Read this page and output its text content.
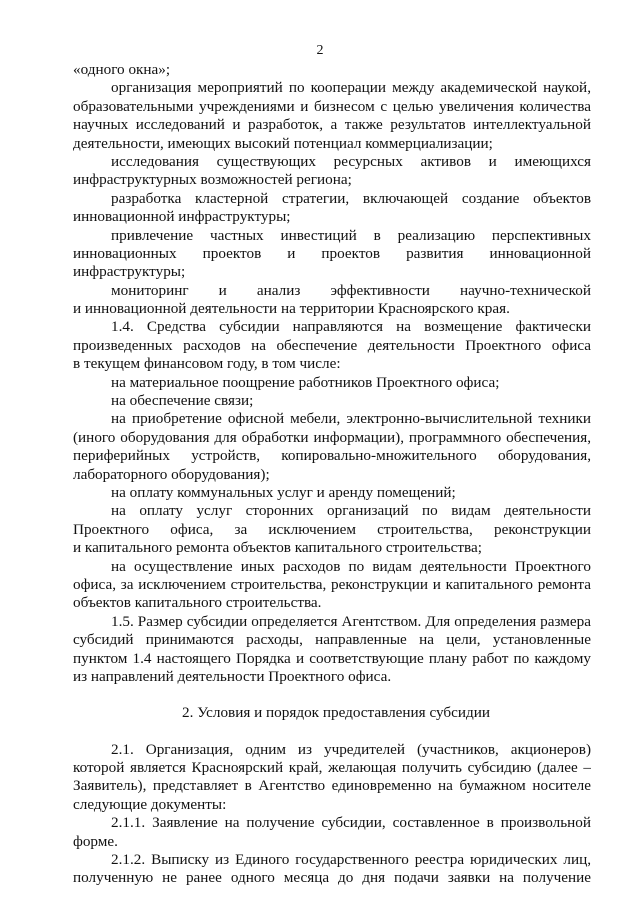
2
«одного окна»;
организация мероприятий по кооперации между академической наукой,
образовательными учреждениями и бизнесом с целью увеличения количества
научных исследований и разработок, а также результатов интеллектуальной
деятельности, имеющих высокий потенциал коммерциализации;
исследования существующих ресурсных активов и имеющихся
инфраструктурных возможностей региона;
разработка кластерной стратегии, включающей создание объектов
инновационной инфраструктуры;
привлечение частных инвестиций в реализацию перспективных
инновационных проектов и проектов развития инновационной
инфраструктуры;
мониторинг и анализ эффективности научно-технической
и инновационной деятельности на территории Красноярского края.
1.4. Средства субсидии направляются на возмещение фактически
произведенных расходов на обеспечение деятельности Проектного офиса
в текущем финансовом году, в том числе:
на материальное поощрение работников Проектного офиса;
на обеспечение связи;
на приобретение офисной мебели, электронно-вычислительной техники
(иного оборудования для обработки информации), программного обеспечения,
периферийных устройств, копировально-множительного оборудования,
лабораторного оборудования);
на оплату коммунальных услуг и аренду помещений;
на оплату услуг сторонних организаций по видам деятельности
Проектного офиса, за исключением строительства, реконструкции
и капитального ремонта объектов капитального строительства;
на осуществление иных расходов по видам деятельности Проектного
офиса, за исключением строительства, реконструкции и капитального ремонта
объектов капитального строительства.
1.5. Размер субсидии определяется Агентством. Для определения размера
субсидий принимаются расходы, направленные на цели, установленные
пунктом 1.4 настоящего Порядка и соответствующие плану работ по каждому
из направлений деятельности Проектного офиса.
2. Условия и порядок предоставления субсидии
2.1. Организация, одним из учредителей (участников, акционеров)
которой является Красноярский край, желающая получить субсидию (далее –
Заявитель), представляет в Агентство единовременно на бумажном носителе
следующие документы:
2.1.1. Заявление на получение субсидии, составленное в произвольной
форме.
2.1.2. Выписку из Единого государственного реестра юридических лиц,
полученную не ранее одного месяца до дня подачи заявки на получение
